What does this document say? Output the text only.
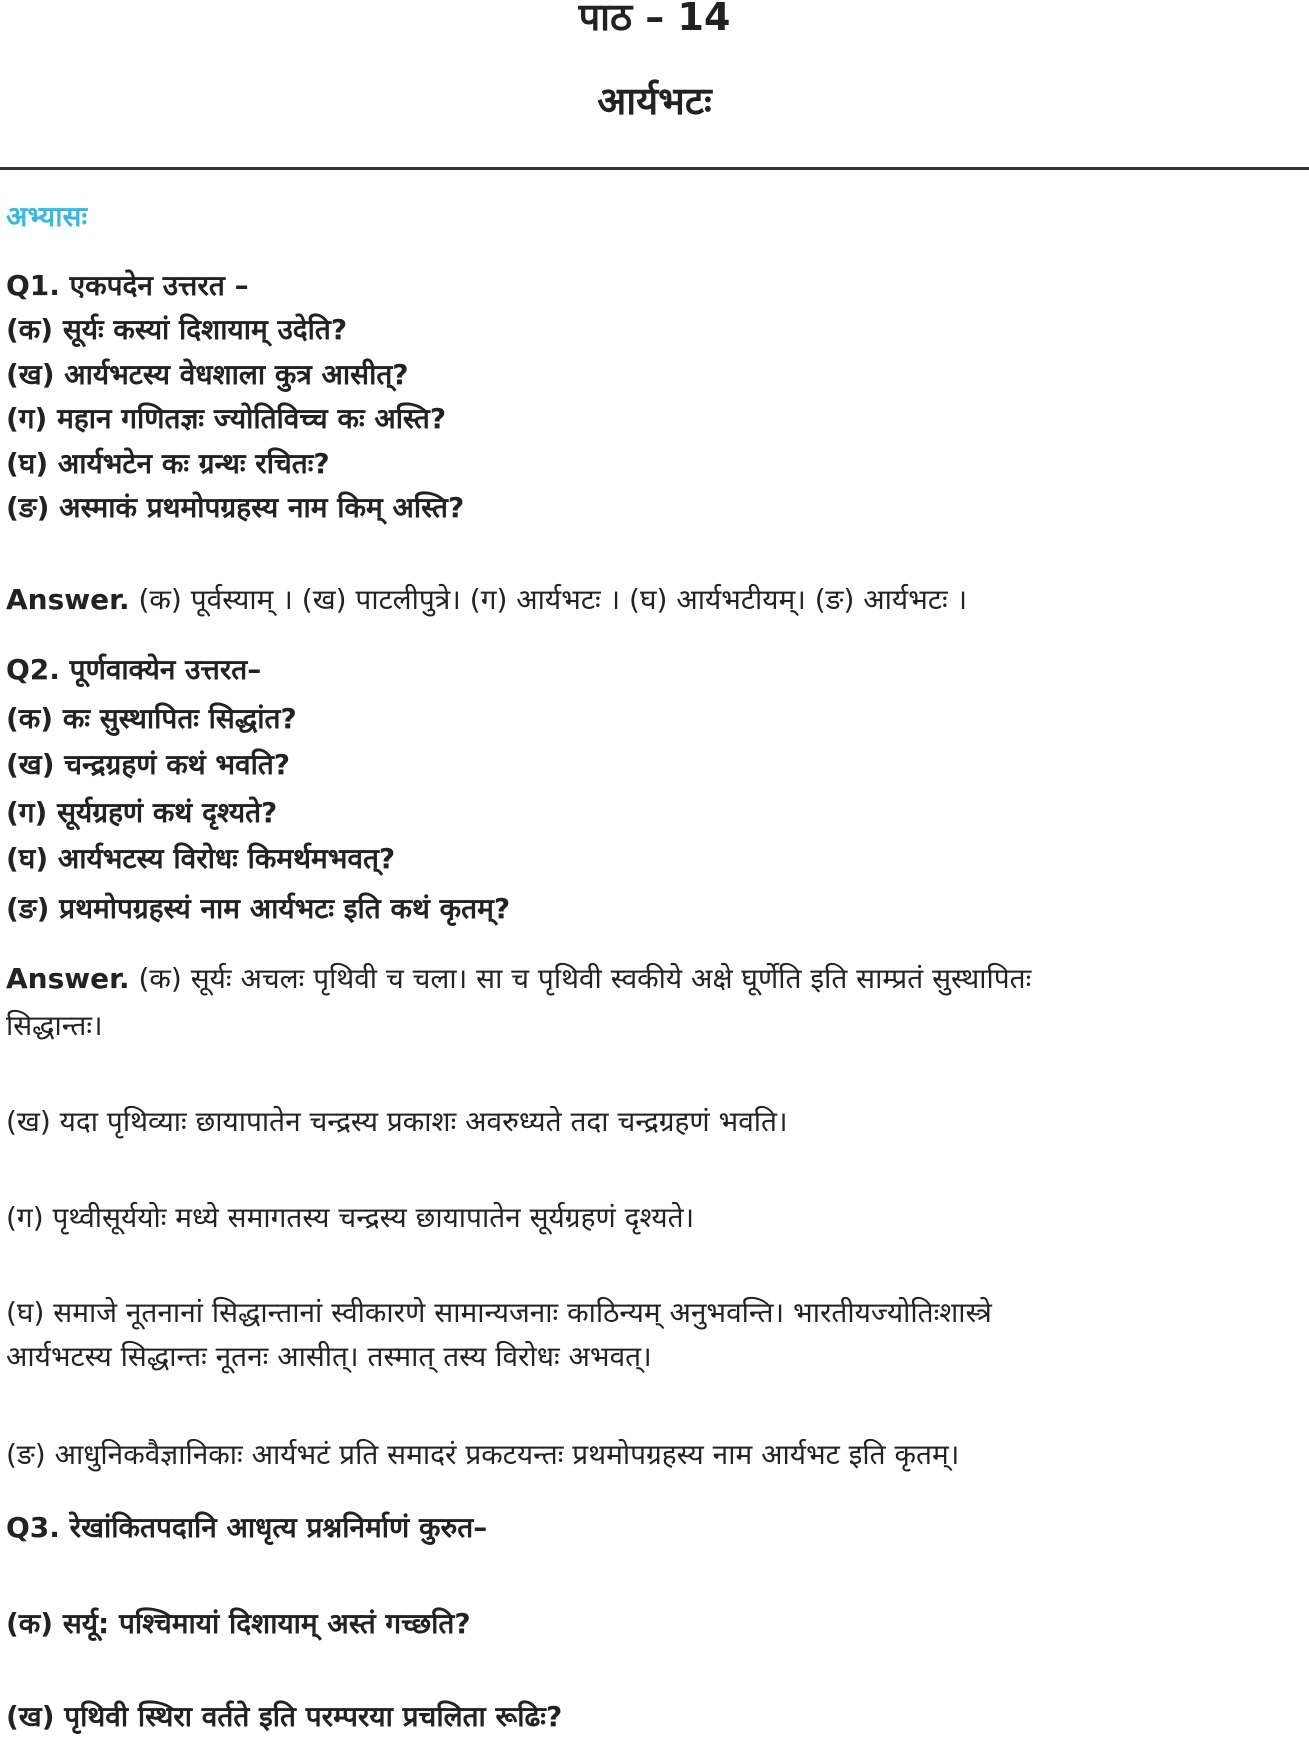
पाठ – 14
आर्यभटः
अभ्यासः
Q1. एकपदेन उत्तरत –
(क) सूर्यः कस्यां दिशायाम् उदेति?
(ख) आर्यभटस्य वेधशाला कुत्र आसीत्?
(ग) महान गणितज्ञः ज्योतिविच्च कः अस्ति?
(घ) आर्यभटेन कः ग्रन्थः रचितः?
(ङ) अस्माकं प्रथमोपग्रहस्य नाम किम् अस्ति?
Answer. (क) पूर्वस्याम् । (ख) पाटलीपुत्रे। (ग) आर्यभटः । (घ) आर्यभटीयम्। (ङ) आर्यभटः ।
Q2. पूर्णवाक्येन उत्तरत–
(क) कः सुस्थापितः सिद्धांत?
(ख) चन्द्रग्रहणं कथं भवति?
(ग) सूर्यग्रहणं कथं दृश्यते?
(घ) आर्यभटस्य विरोधः किमर्थमभवत्?
(ङ) प्रथमोपग्रहस्यं नाम आर्यभटः इति कथं कृतम्?
Answer. (क) सूर्यः अचलः पृथिवी च चला। सा च पृथिवी स्वकीये अक्षे घूर्णेति इति साम्प्रतं सुस्थापितः
सिद्धान्तः।
(ख) यदा पृथिव्याः छायापातेन चन्द्रस्य प्रकाशः अवरुध्यते तदा चन्द्रग्रहणं भवति।
(ग) पृथ्वीसूर्ययोः मध्ये समागतस्य चन्द्रस्य छायापातेन सूर्यग्रहणं दृश्यते।
(घ) समाजे नूतनानां सिद्धान्तानां स्वीकारणे सामान्यजनाः काठिन्यम् अनुभवन्ति। भारतीयज्योतिःशास्त्रे
आर्यभटस्य सिद्धान्तः नूतनः आसीत्। तस्मात् तस्य विरोधः अभवत्।
(ङ) आधुनिकवैज्ञानिकाः आर्यभटं प्रति समादरं प्रकटयन्तः प्रथमोपग्रहस्य नाम आर्यभट इति कृतम्।
Q3. रेखांकितपदानि आधृत्य प्रश्ननिर्माणं कुरुत–
(क) सर्यू: पश्चिमायां दिशायाम् अस्तं गच्छति?
(ख) पृथिवी स्थिरा वर्तते इति परम्परया प्रचलिता रूढिः?
